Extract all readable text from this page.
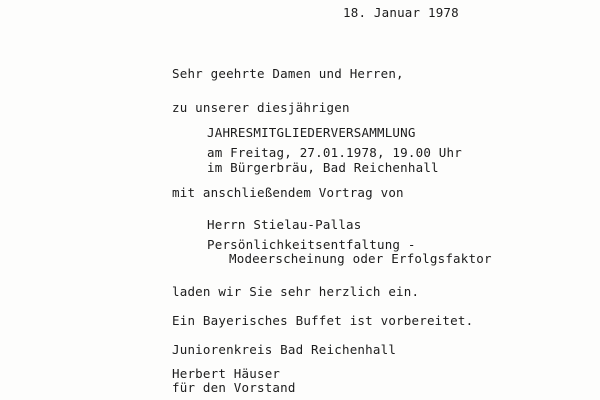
18. Januar 1978
Sehr geehrte Damen und Herren,
zu unserer diesjährigen
JAHRESMITGLIEDERVERSAMMLUNG
am Freitag, 27.01.1978, 19.00 Uhr
im Bürgerbräu, Bad Reichenhall
mit anschließendem Vortrag von
Herrn Stielau-Pallas
Persönlichkeitsentfaltung -
Modeerscheinung oder Erfolgsfaktor
laden wir Sie sehr herzlich ein.
Ein Bayerisches Buffet ist vorbereitet.
Juniorenkreis Bad Reichenhall
Herbert Häuser
für den Vorstand
